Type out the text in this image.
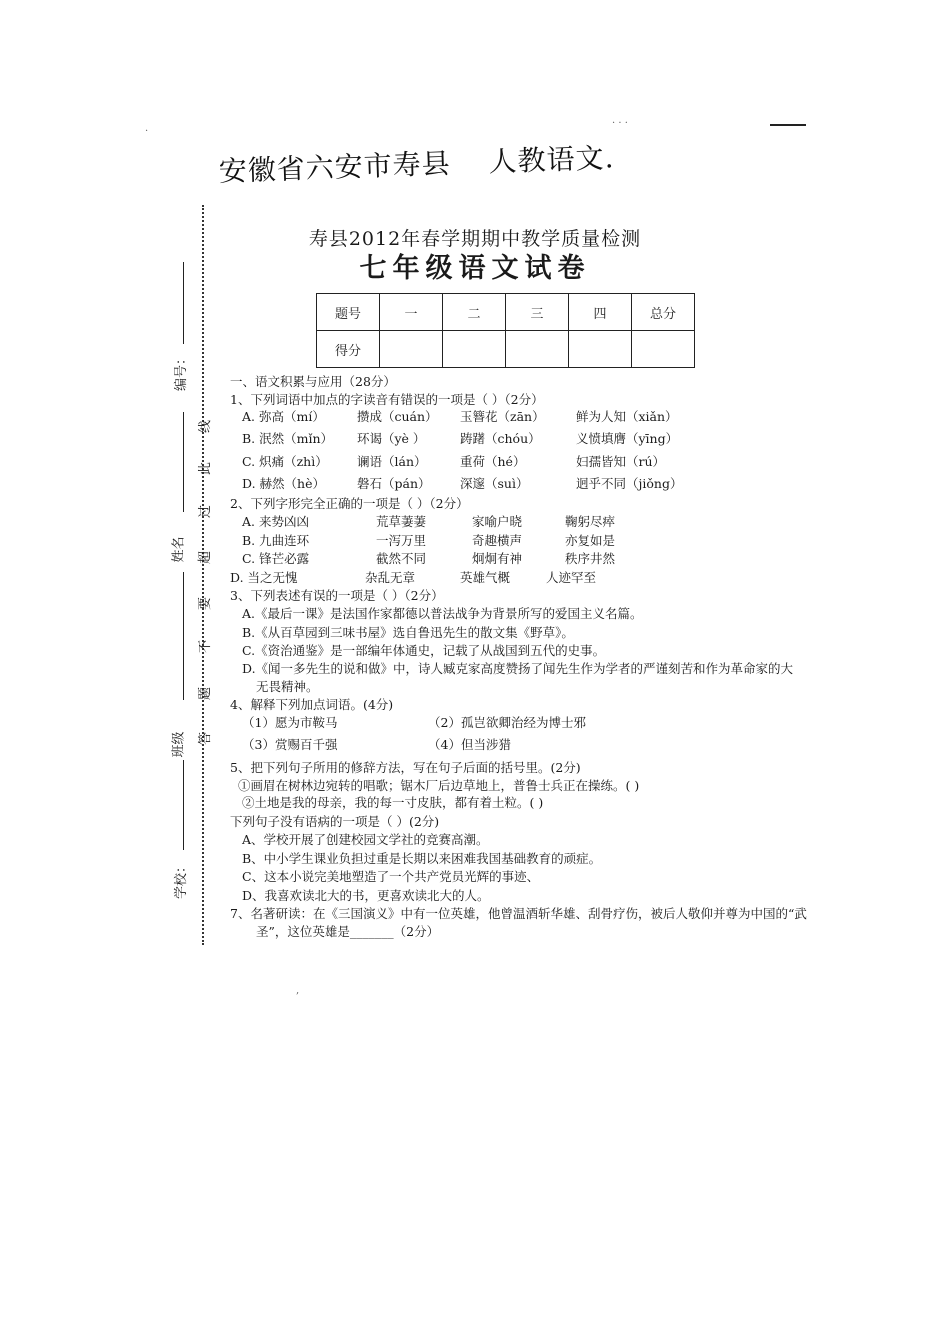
安徽省六安市寿县 人教语文.
· · ·
编号：
姓名
班级
学校：
线
此
过
超
要
不
题
答
寿县2012年春学期期中教学质量检测
七年级语文试卷
题号	一	二	三	四	总分
得分					
一、语文积累与应用（28分）
1、下列词语中加点的字读音有错误的一项是（ ）（2分）
A. 弥高（mí）	攒成（cuán） 玉簪花（zān）	鲜为人知（xiǎn）
B. 泯然（mǐn） 环谒（yè ）	踌躇（chóu）	义愤填膺（yīng）
C. 炽痛（zhì） 谰语（lán）	重荷（hé）	妇孺皆知（rú）
D. 赫然（hè）	磐石（pán） 深邃（suì）	迥乎不同（jiǒng）
2、下列字形完全正确的一项是（ ）（2分）
A. 来势凶凶	荒草萋萋	家喻户晓	鞠躬尽瘁
B. 九曲连环	一泻万里	奇趣横声	亦复如是
C. 锋芒必露	截然不同	炯炯有神	秩序井然
D. 当之无愧	杂乱无章	英雄气概	人迹罕至
3、下列表述有误的一项是（ ）（2分）
A.《最后一课》是法国作家都德以普法战争为背景所写的爱国主义名篇。
B.《从百草园到三味书屋》选自鲁迅先生的散文集《野草》。
C.《资治通鉴》是一部编年体通史，记载了从战国到五代的史事。
D.《闻一多先生的说和做》中，诗人臧克家高度赞扬了闻先生作为学者的严谨刻苦和作为革命家的大
无畏精神。
4、解释下列加点词语。(4分)
（1）愿为市鞍马	（2）孤岂欲卿治经为博士邪
（3）赏赐百千强	（4）但当涉猎
5、把下列句子所用的修辞方法，写在句子后面的括号里。(2分)
①画眉在树林边宛转的唱歌；锯木厂后边草地上，普鲁士兵正在操练。( )
②土地是我的母亲，我的每一寸皮肤，都有着土粒。( )
下列句子没有语病的一项是（ ）(2分)
A、学校开展了创建校园文学社的竞赛高潮。
B、中小学生课业负担过重是长期以来困难我国基础教育的顽症。
C、这本小说完美地塑造了一个共产党员光辉的事迹、
D、我喜欢读北大的书，更喜欢读北大的人。
7、名著研读：在《三国演义》中有一位英雄，他曾温酒斩华雄、刮骨疗伤，被后人敬仰并尊为中国的“武
圣”，这位英雄是_______（2分）
,
·
